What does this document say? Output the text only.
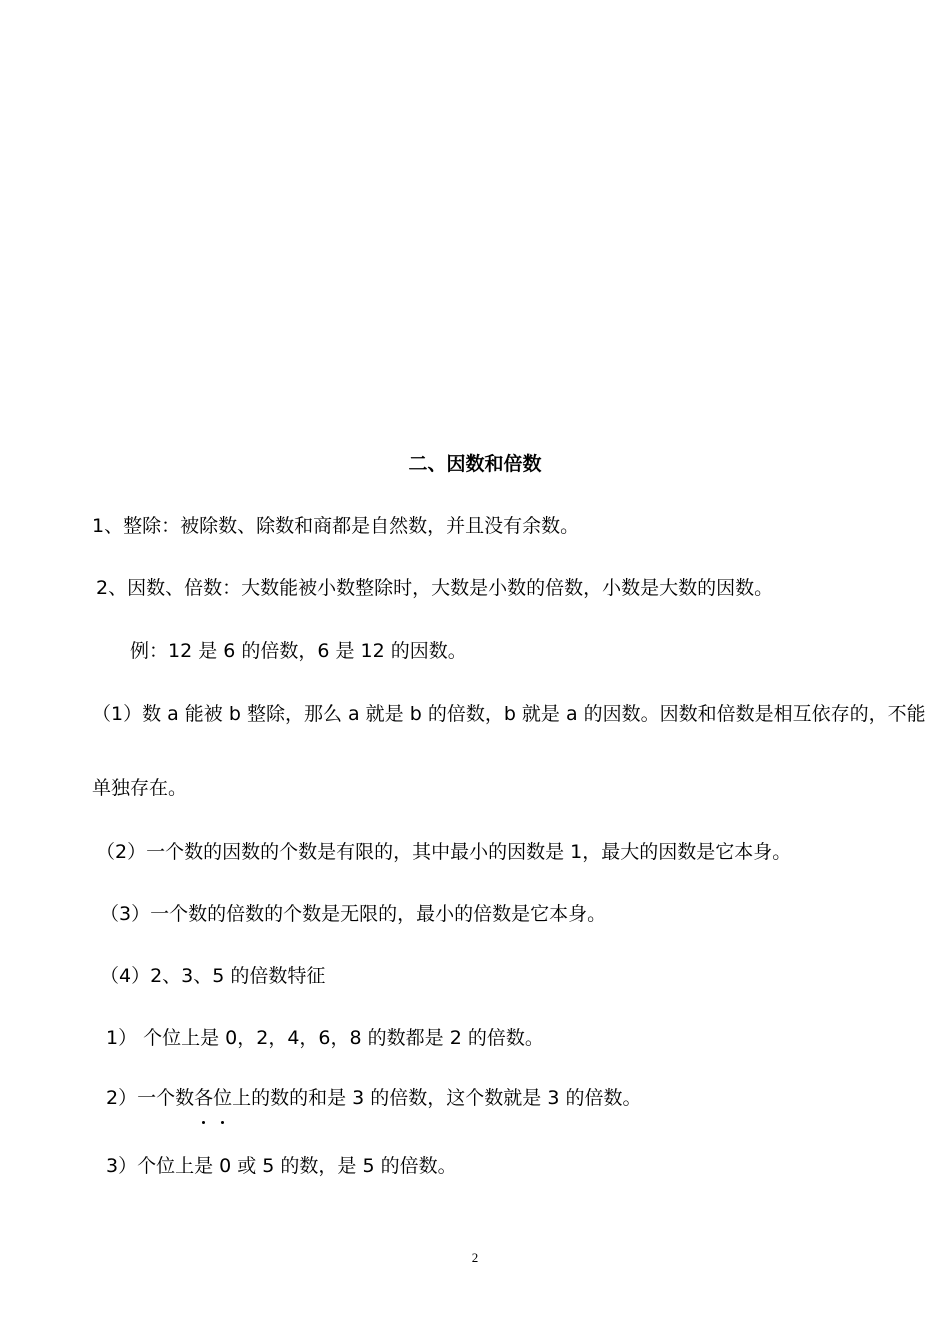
二、因数和倍数
1、整除：被除数、除数和商都是自然数，并且没有余数。
2、因数、倍数：大数能被小数整除时，大数是小数的倍数，小数是大数的因数。
例：12 是 6 的倍数，6 是 12 的因数。
（1）数 a 能被 b 整除，那么 a 就是 b 的倍数，b 就是 a 的因数。因数和倍数是相互依存的，不能
单独存在。
（2）一个数的因数的个数是有限的，其中最小的因数是 1，最大的因数是它本身。
（3）一个数的倍数的个数是无限的，最小的倍数是它本身。
（4）2、3、5 的倍数特征
1） 个位上是 0，2，4，6，8 的数都是 2 的倍数。
2）一个数各
位
上的数的和是 3 的倍数，这个数就是 3 的倍数。
3）个位上是 0 或 5 的数，是 5 的倍数。
2
